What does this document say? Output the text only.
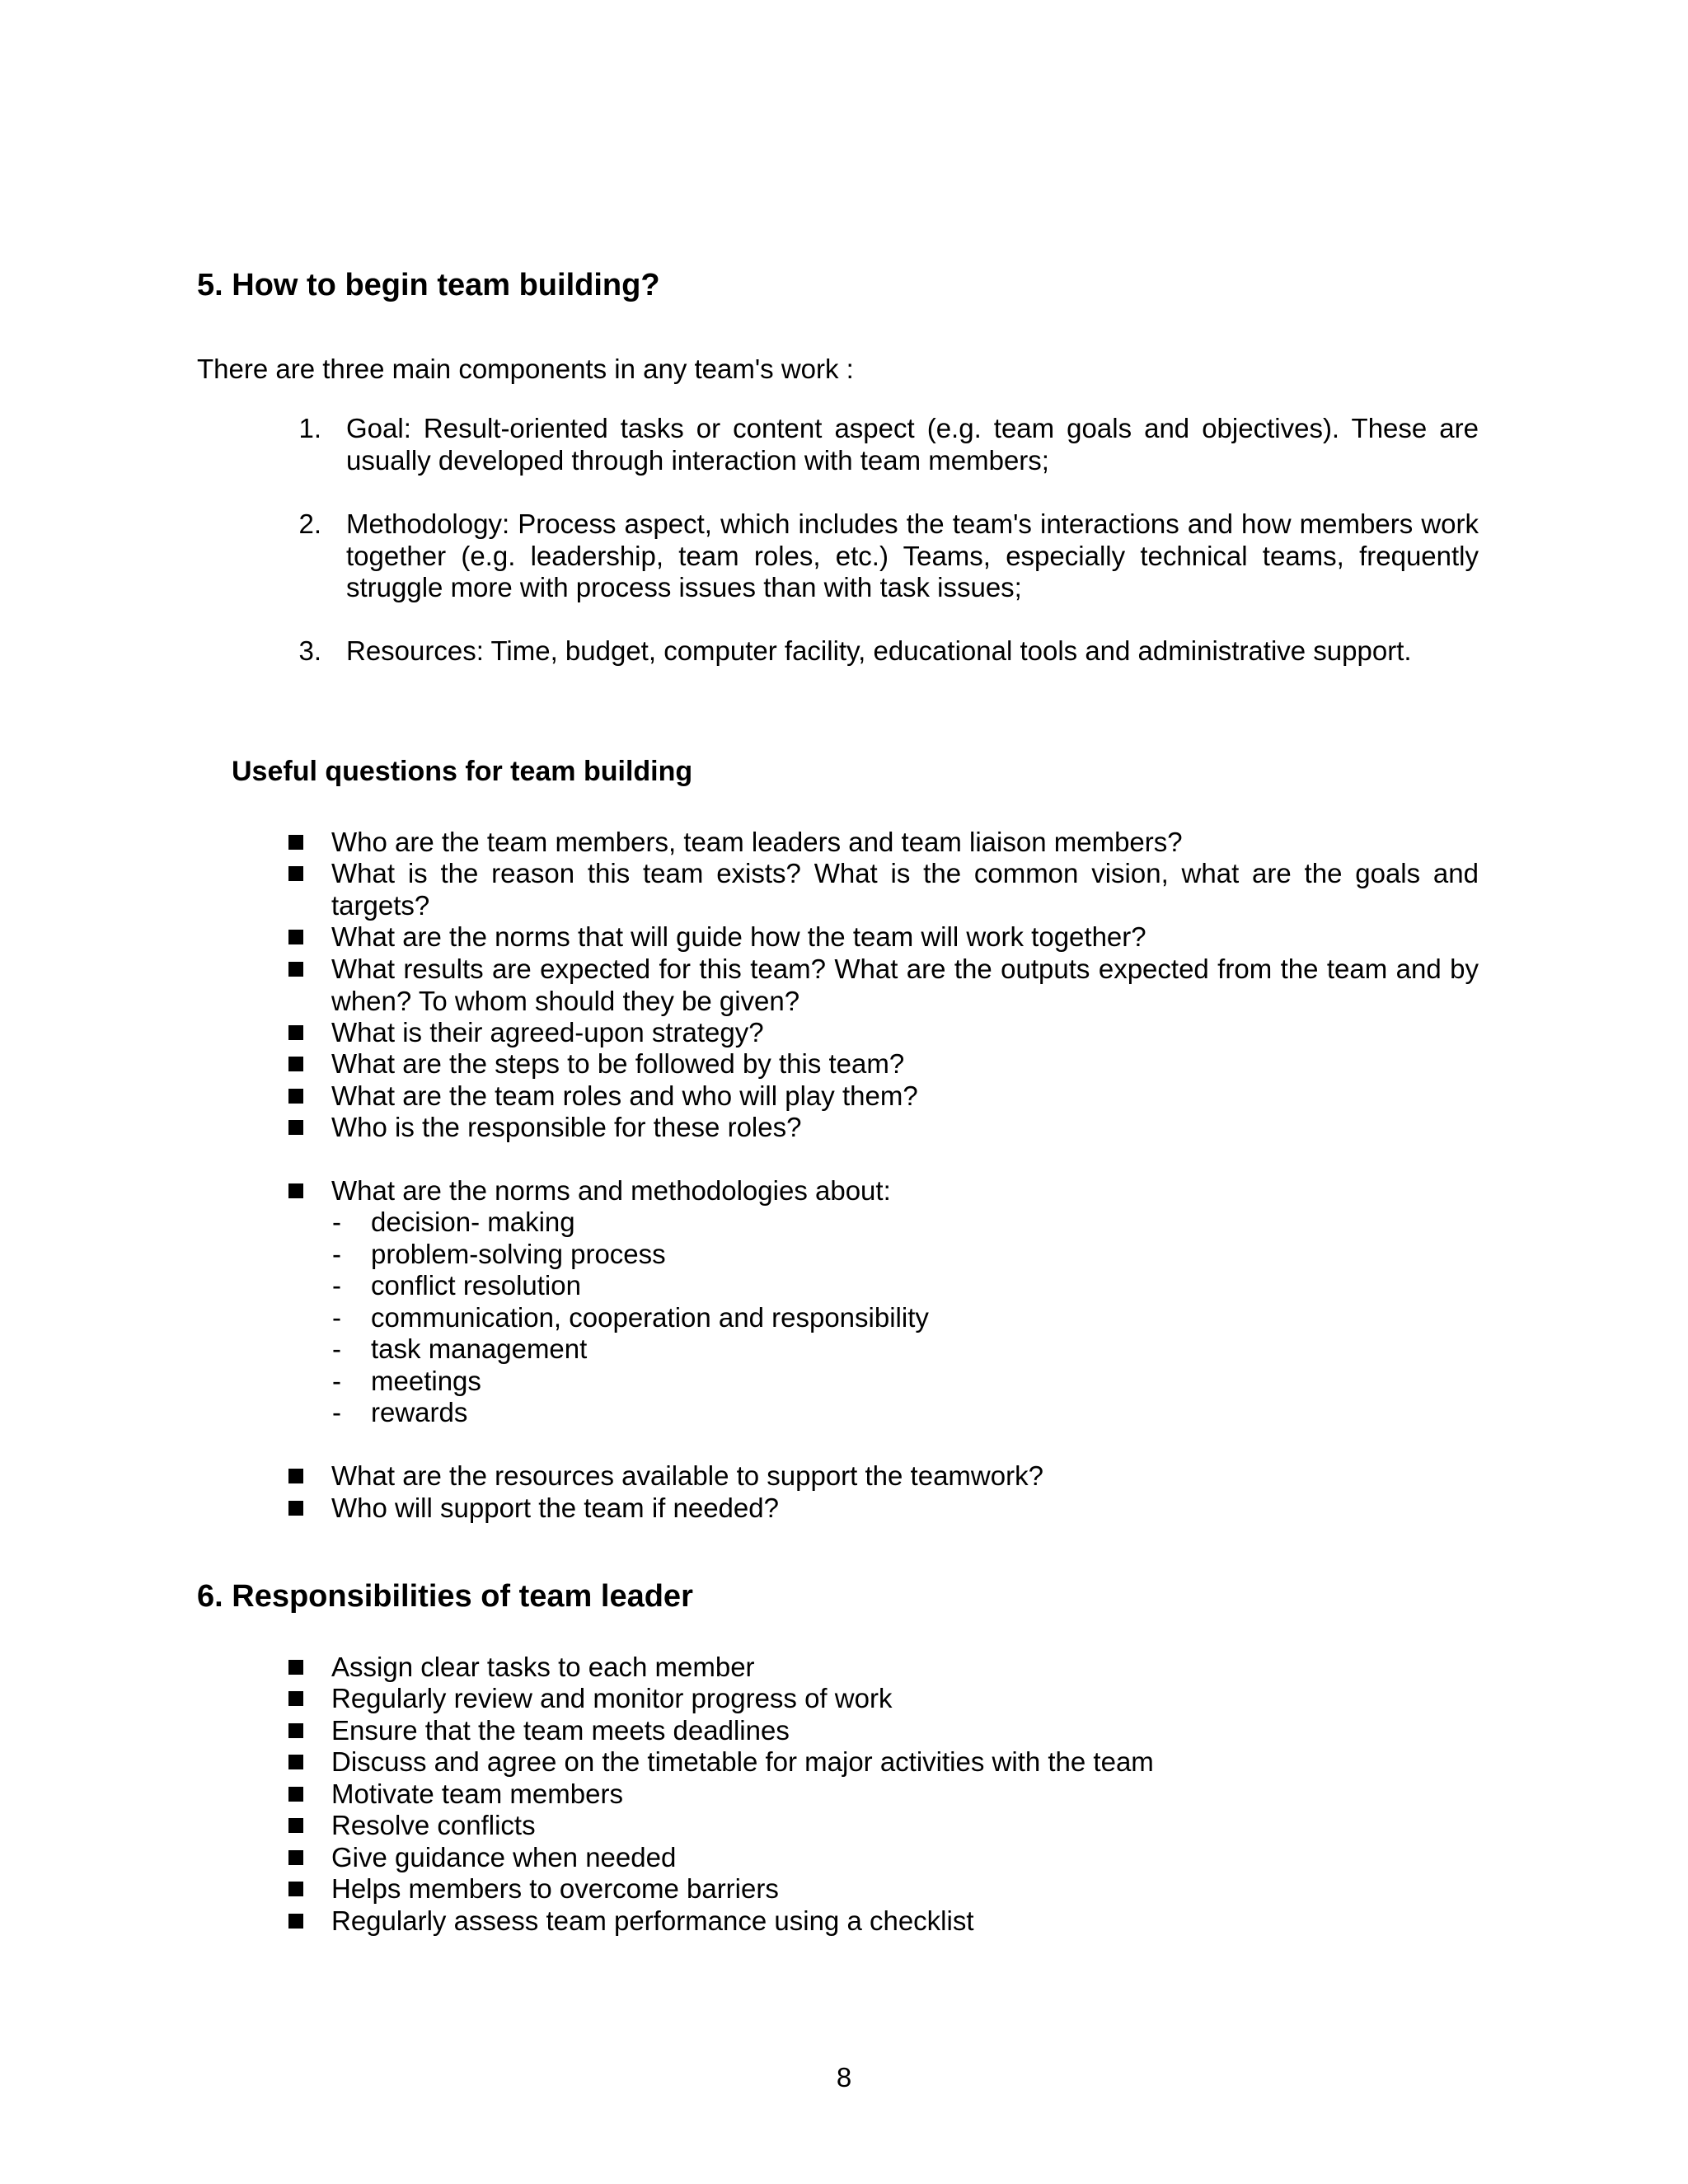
5. How to begin team building?
There are three main components in any team's work :
1. Goal: Result-oriented tasks or content aspect (e.g. team goals and objectives). These are usually developed through interaction with team members;
2. Methodology: Process aspect, which includes the team's interactions and how members work together (e.g. leadership, team roles, etc.) Teams, especially technical teams, frequently struggle more with process issues than with task issues;
3. Resources: Time, budget, computer facility, educational tools and administrative support.
Useful questions for team building
Who are the team members, team leaders and team liaison members?
What is the reason this team exists? What is the common vision, what are the goals and targets?
What are the norms that will guide how the team will work together?
What results are expected for this team? What are the outputs expected from the team and by when? To whom should they be given?
What is their agreed-upon strategy?
What are the steps to be followed by this team?
What are the team roles and who will play them?
Who is the responsible for these roles?
What are the norms and methodologies about:
- decision- making
- problem-solving process
- conflict resolution
- communication, cooperation and responsibility
- task management
- meetings
- rewards
What are the resources available to support the teamwork?
Who will support the team if needed?
6. Responsibilities of team leader
Assign clear tasks to each member
Regularly review and monitor progress of work
Ensure that the team meets deadlines
Discuss and agree on the timetable for major activities with the team
Motivate team members
Resolve conflicts
Give guidance when needed
Helps members to overcome barriers
Regularly assess team performance using a checklist
8
